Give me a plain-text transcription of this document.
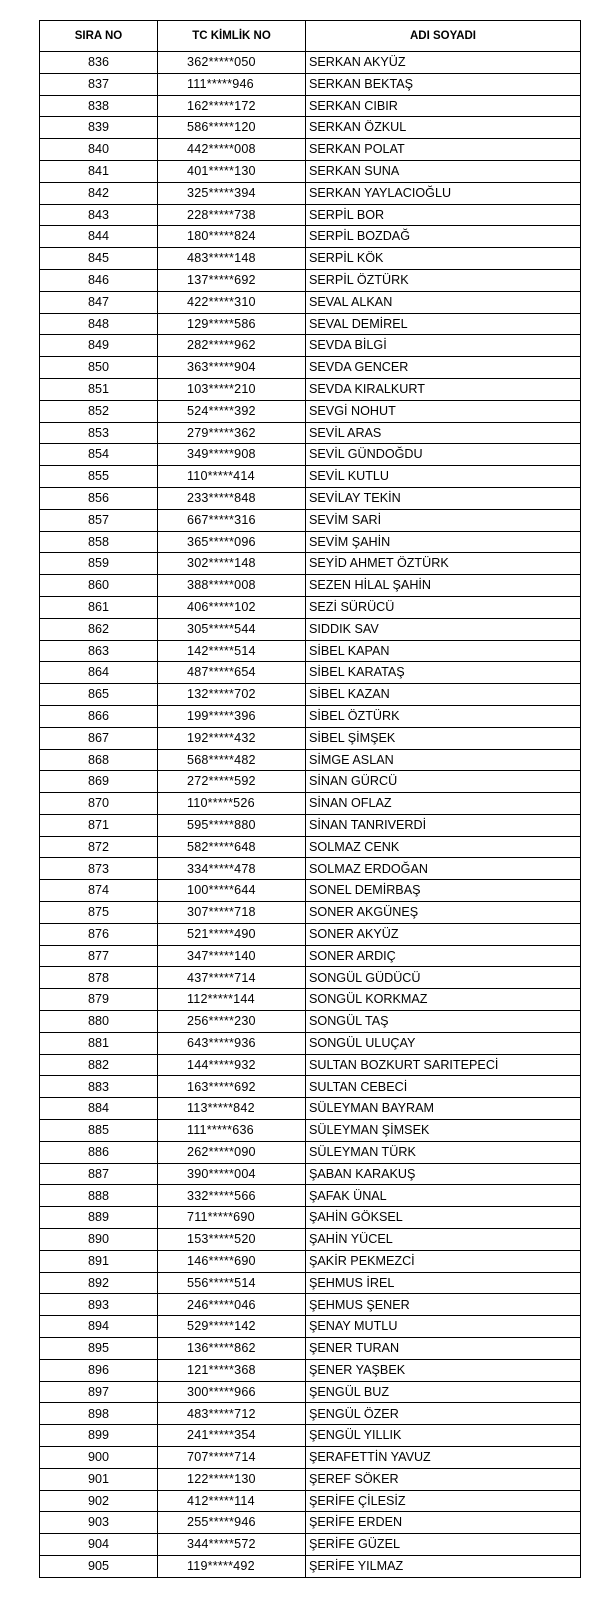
SIRA NO	TC KİMLİK NO	ADI SOYADI
836	362*****050	SERKAN AKYÜZ
837	111*****946	SERKAN BEKTAŞ
838	162*****172	SERKAN CIBIR
839	586*****120	SERKAN ÖZKUL
840	442*****008	SERKAN POLAT
841	401*****130	SERKAN SUNA
842	325*****394	SERKAN YAYLACIOĞLU
843	228*****738	SERPİL BOR
844	180*****824	SERPİL BOZDAĞ
845	483*****148	SERPİL KÖK
846	137*****692	SERPİL ÖZTÜRK
847	422*****310	SEVAL ALKAN
848	129*****586	SEVAL DEMİREL
849	282*****962	SEVDA BİLGİ
850	363*****904	SEVDA GENCER
851	103*****210	SEVDA KIRALKURT
852	524*****392	SEVGİ NOHUT
853	279*****362	SEVİL ARAS
854	349*****908	SEVİL GÜNDOĞDU
855	110*****414	SEVİL KUTLU
856	233*****848	SEVİLAY TEKİN
857	667*****316	SEVİM SARİ
858	365*****096	SEVİM ŞAHİN
859	302*****148	SEYİD AHMET ÖZTÜRK
860	388*****008	SEZEN HİLAL ŞAHİN
861	406*****102	SEZİ SÜRÜCÜ
862	305*****544	SIDDIK SAV
863	142*****514	SİBEL KAPAN
864	487*****654	SİBEL KARATAŞ
865	132*****702	SİBEL KAZAN
866	199*****396	SİBEL ÖZTÜRK
867	192*****432	SİBEL ŞİMŞEK
868	568*****482	SİMGE ASLAN
869	272*****592	SİNAN GÜRCÜ
870	110*****526	SİNAN OFLAZ
871	595*****880	SİNAN TANRIVERDİ
872	582*****648	SOLMAZ CENK
873	334*****478	SOLMAZ ERDOĞAN
874	100*****644	SONEL DEMİRBAŞ
875	307*****718	SONER AKGÜNEŞ
876	521*****490	SONER AKYÜZ
877	347*****140	SONER ARDIÇ
878	437*****714	SONGÜL GÜDÜCÜ
879	112*****144	SONGÜL KORKMAZ
880	256*****230	SONGÜL TAŞ
881	643*****936	SONGÜL ULUÇAY
882	144*****932	SULTAN BOZKURT SARITEPECİ
883	163*****692	SULTAN CEBECİ
884	113*****842	SÜLEYMAN BAYRAM
885	111*****636	SÜLEYMAN ŞİMSEK
886	262*****090	SÜLEYMAN TÜRK
887	390*****004	ŞABAN KARAKUŞ
888	332*****566	ŞAFAK ÜNAL
889	711*****690	ŞAHİN GÖKSEL
890	153*****520	ŞAHİN YÜCEL
891	146*****690	ŞAKİR PEKMEZCİ
892	556*****514	ŞEHMUS İREL
893	246*****046	ŞEHMUS ŞENER
894	529*****142	ŞENAY MUTLU
895	136*****862	ŞENER TURAN
896	121*****368	ŞENER YAŞBEK
897	300*****966	ŞENGÜL BUZ
898	483*****712	ŞENGÜL ÖZER
899	241*****354	ŞENGÜL YILLIK
900	707*****714	ŞERAFETTİN YAVUZ
901	122*****130	ŞEREF SÖKER
902	412*****114	ŞERİFE ÇİLESİZ
903	255*****946	ŞERİFE ERDEN
904	344*****572	ŞERİFE GÜZEL
905	119*****492	ŞERİFE YILMAZ
